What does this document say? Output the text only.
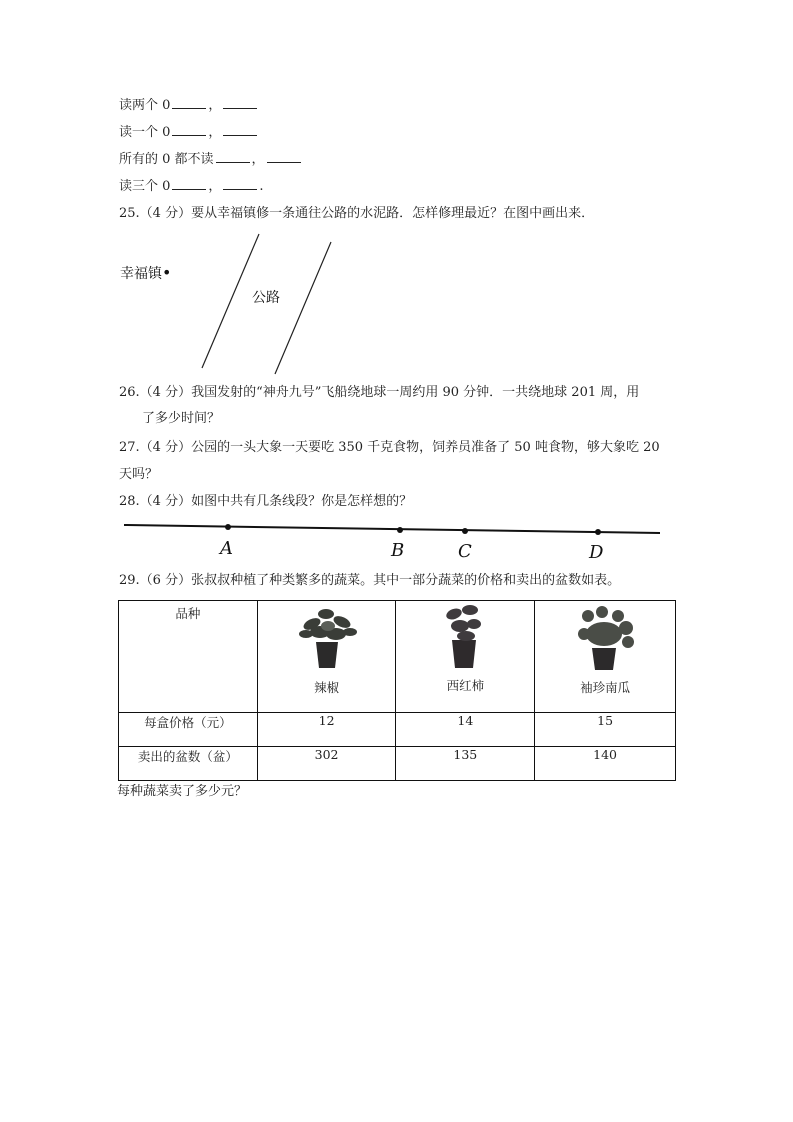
读两个 0	，
读一个 0	，
所有的 0 都不读	，
读三个 0	，	.
25.（4 分）要从幸福镇修一条通往公路的水泥路．怎样修理最近？在图中画出来．
幸福镇•
公路
26.（4 分）我国发射的“神舟九号”飞船绕地球一周约用 90 分钟．一共绕地球 201 周，用
了多少时间？
27.（4 分）公园的一头大象一天要吃 350 千克食物，饲养员准备了 50 吨食物，够大象吃 20
天吗？
28.（4 分）如图中共有几条线段？你是怎样想的？
A	B	C	D
29.（6 分）张叔叔种植了种类繁多的蔬菜。其中一部分蔬菜的价格和卖出的盆数如表。
品种	辣椒	西红柿	袖珍南瓜

每盒价格（元）	12	14	15
卖出的盆数（盆）	302	135	140
每种蔬菜卖了多少元？
